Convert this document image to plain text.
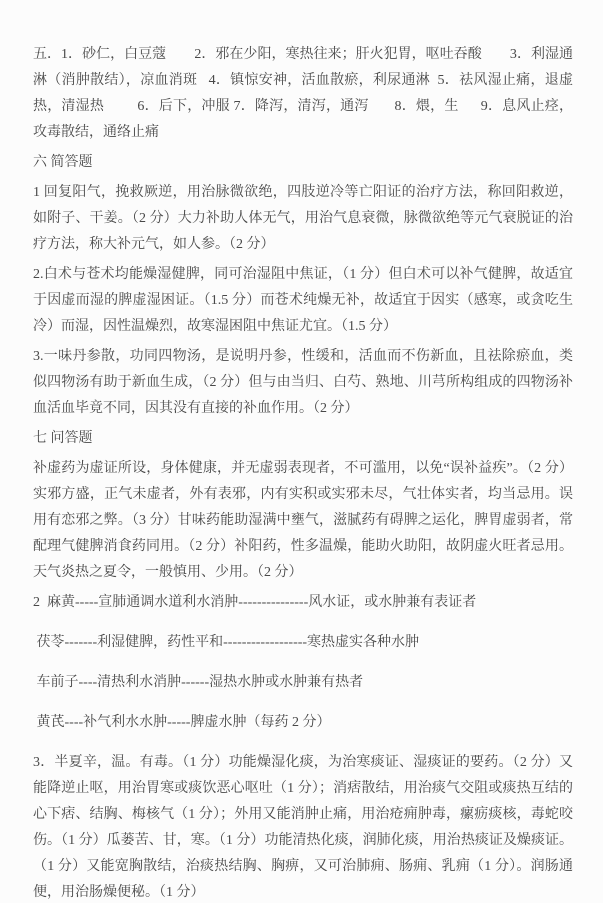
五．1．砂仁，白豆蔻        2．邪在少阳，寒热往来；肝火犯胃，呕吐吞酸        3．利湿通淋（消肿散结），凉血消斑   4．镇惊安神，活血散瘀，利尿通淋  5．祛风湿止痛，退虚热，清湿热         6．后下，冲服 7．降泻，清泻，通泻       8．煨，生      9．息风止痉，攻毒散结，通络止痛

六 简答题

1 回复阳气，挽救厥逆，用治脉微欲绝，四肢逆冷等亡阳证的治疗方法，称回阳救逆，如附子、干姜。（2 分）大力补助人体无气，用治气息衰微，脉微欲绝等元气衰脱证的治疗方法，称大补元气，如人参。（2 分）

2.白术与苍术均能燥湿健脾，同可治湿阻中焦证，（1 分）但白术可以补气健脾，故适宜于因虚而湿的脾虚湿困证。（1.5 分）而苍术纯燥无补，故适宜于因实（感寒，或贪吃生冷）而湿，因性温燥烈，故寒湿困阻中焦证尤宜。（1.5 分）

3.一味丹参散，功同四物汤，是说明丹参，性缓和，活血而不伤新血，且祛除瘀血，类似四物汤有助于新血生成，（2 分）但与由当归、白芍、熟地、川芎所构组成的四物汤补血活血毕竟不同，因其没有直接的补血作用。（2 分）

七 问答题

补虚药为虚证所设，身体健康，并无虚弱表现者，不可滥用，以免“误补益疾”。（2 分）实邪方盛，正气未虚者，外有表邪，内有实积或实邪未尽，气壮体实者，均当忌用。误用有恋邪之弊。（3 分）甘味药能助湿满中壅气，滋腻药有碍脾之运化，脾胃虚弱者，常配理气健脾消食药同用。（2 分）补阳药，性多温燥，能助火助阳，故阴虚火旺者忌用。天气炎热之夏令，一般慎用、少用。（2 分）

2  麻黄-----宣肺通调水道利水消肿---------------风水证，或水肿兼有表证者

茯苓-------利湿健脾，药性平和------------------寒热虚实各种水肿

车前子----清热利水消肿------湿热水肿或水肿兼有热者

黄芪----补气利水水肿-----脾虚水肿（每药 2 分）

3．半夏辛，温。有毒。（1 分）功能燥湿化痰，为治寒痰证、湿痰证的要药。（2 分）又能降逆止呕，用治胃寒或痰饮恶心呕吐（1 分）；消痞散结，用治痰气交阻或痰热互结的心下痞、结胸、梅核气（1 分）；外用又能消肿止痛，用治疮痈肿毒，瘰疬痰核，毒蛇咬伤。（1 分）瓜蒌苦、甘，寒。（1 分）功能清热化痰，润肺化痰，用治热痰证及燥痰证。（1 分）又能宽胸散结，治痰热结胸、胸痹，又可治肺痈、肠痈、乳痈（1 分）。润肠通便，用治肠燥便秘。（1 分）
